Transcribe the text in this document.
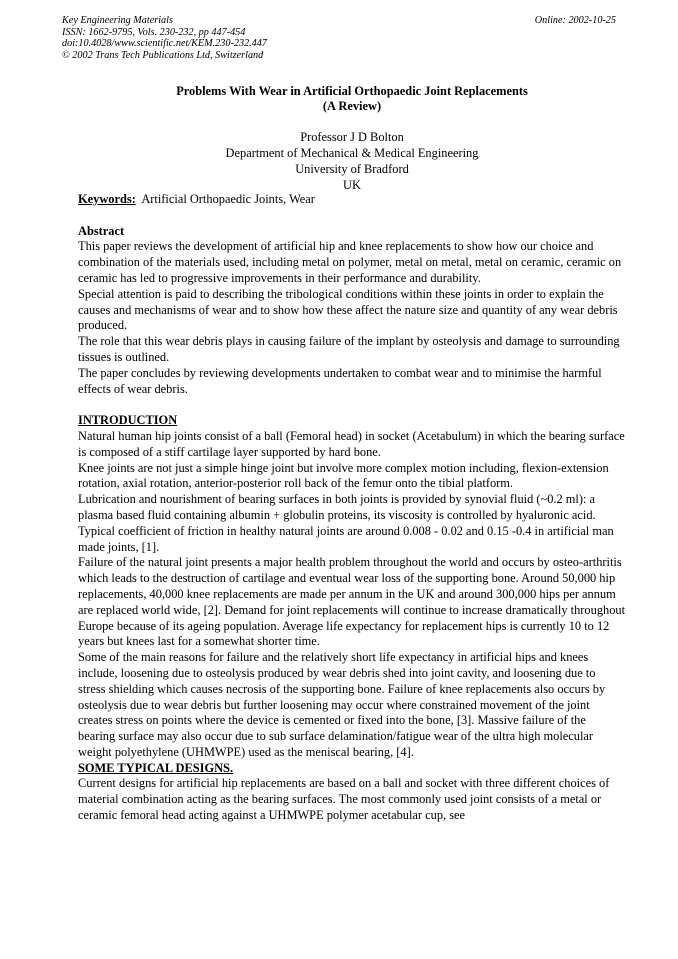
Key Engineering Materials
ISSN: 1662-9795, Vols. 230-232, pp 447-454
doi:10.4028/www.scientific.net/KEM.230-232.447
© 2002 Trans Tech Publications Ltd, Switzerland
Online: 2002-10-25
Problems With Wear in Artificial Orthopaedic Joint Replacements
(A Review)
Professor J D Bolton
Department of Mechanical & Medical Engineering
University of Bradford
UK

Keywords: Artificial Orthopaedic Joints, Wear

Abstract

This paper reviews the development of artificial hip and knee replacements to show how our choice and combination of the materials used, including metal on polymer, metal on metal, metal on ceramic, ceramic on ceramic has led to progressive improvements in their performance and durability.

Special attention is paid to describing the tribological conditions within these joints in order to explain the causes and mechanisms of wear and to show how these affect the nature size and quantity of any wear debris produced.

The role that this wear debris plays in causing failure of the implant by osteolysis and damage to surrounding tissues is outlined.

The paper concludes by reviewing developments undertaken to combat wear and to minimise the harmful effects of wear debris.

INTRODUCTION

Natural human hip joints consist of a ball (Femoral head) in socket (Acetabulum) in which the bearing surface is composed of a stiff cartilage layer supported by hard bone.

Knee joints are not just a simple hinge joint but involve more complex motion including, flexion-extension rotation, axial rotation, anterior-posterior roll back of the femur onto the tibial platform.

Lubrication and nourishment of bearing surfaces in both joints is provided by synovial fluid (~0.2 ml): a plasma based fluid containing albumin + globulin proteins, its viscosity is controlled by hyaluronic acid. Typical coefficient of friction in healthy natural joints are around 0.008 - 0.02 and 0.15 -0.4 in artificial man made joints, [1].

Failure of the natural joint presents a major health problem throughout the world and occurs by osteo-arthritis which leads to the destruction of cartilage and eventual wear loss of the supporting bone. Around 50,000 hip replacements, 40,000 knee replacements are made per annum in the UK and around 300,000 hips per annum are replaced world wide, [2]. Demand for joint replacements will continue to increase dramatically throughout Europe because of its ageing population. Average life expectancy for replacement hips is currently 10 to 12 years but knees last for a somewhat shorter time.

Some of the main reasons for failure and the relatively short life expectancy in artificial hips and knees include, loosening due to osteolysis produced by wear debris shed into joint cavity, and loosening due to stress shielding which causes necrosis of the supporting bone. Failure of knee replacements also occurs by osteolysis due to wear debris but further loosening may occur where constrained movement of the joint creates stress on points where the device is cemented or fixed into the bone, [3]. Massive failure of the bearing surface may also occur due to sub surface delamination/fatigue wear of the ultra high molecular weight polyethylene (UHMWPE) used as the meniscal bearing, [4].

SOME TYPICAL DESIGNS.

Current designs for artificial hip replacements are based on a ball and socket with three different choices of material combination acting as the bearing surfaces. The most commonly used joint consists of a metal or ceramic femoral head acting against a UHMWPE polymer acetabular cup, see
